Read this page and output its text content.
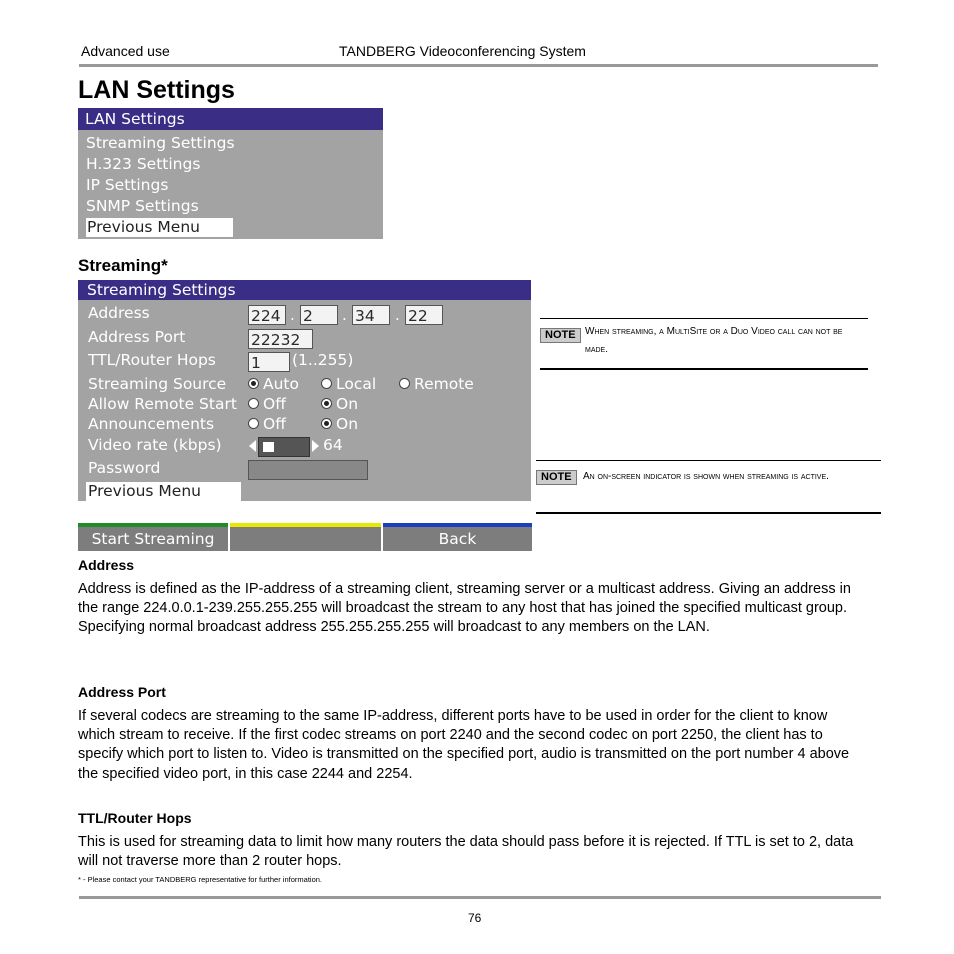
Advanced use	TANDBERG Videoconferencing System
LAN Settings
LAN Settings
Streaming Settings
H.323 Settings
IP Settings
SNMP Settings
Previous Menu
Streaming*
Streaming Settings
Address	224 . 2	. 34	. 22
Address Port	22232
TTL/Router Hops 1	(1..255)
Streaming Source	Auto	Local	Remote
Allow Remote Start	Off	On
Announcements	Off	On
Video rate (kbps)	64
Password
Previous Menu
Start Streaming	Back
NOTE When streaming, a MultiSite or a Duo Video call can not be made.
NOTE	An on-screen indicator is shown when streaming is active.
Address
Address is defined as the IP-address of a streaming client, streaming server or a multicast address. Giving an address in the range 224.0.0.1-239.255.255.255 will broadcast the stream to any host that has joined the specified multicast group. Specifying normal broadcast address 255.255.255.255 will broadcast to any members on the LAN.
Address Port
If several codecs are streaming to the same IP-address, different ports have to be used in order for the client to know which stream to receive. If the first codec streams on port 2240 and the second codec on port 2250, the client has to specify which port to listen to. Video is transmitted on the specified port, audio is transmitted on the port number 4 above the specified video port, in this case 2244 and 2254.
TTL/Router Hops
This is used for streaming data to limit how many routers the data should pass before it is rejected. If TTL is set to 2, data will not traverse more than 2 router hops.
* - Please contact your TANDBERG representative for further information.
76
